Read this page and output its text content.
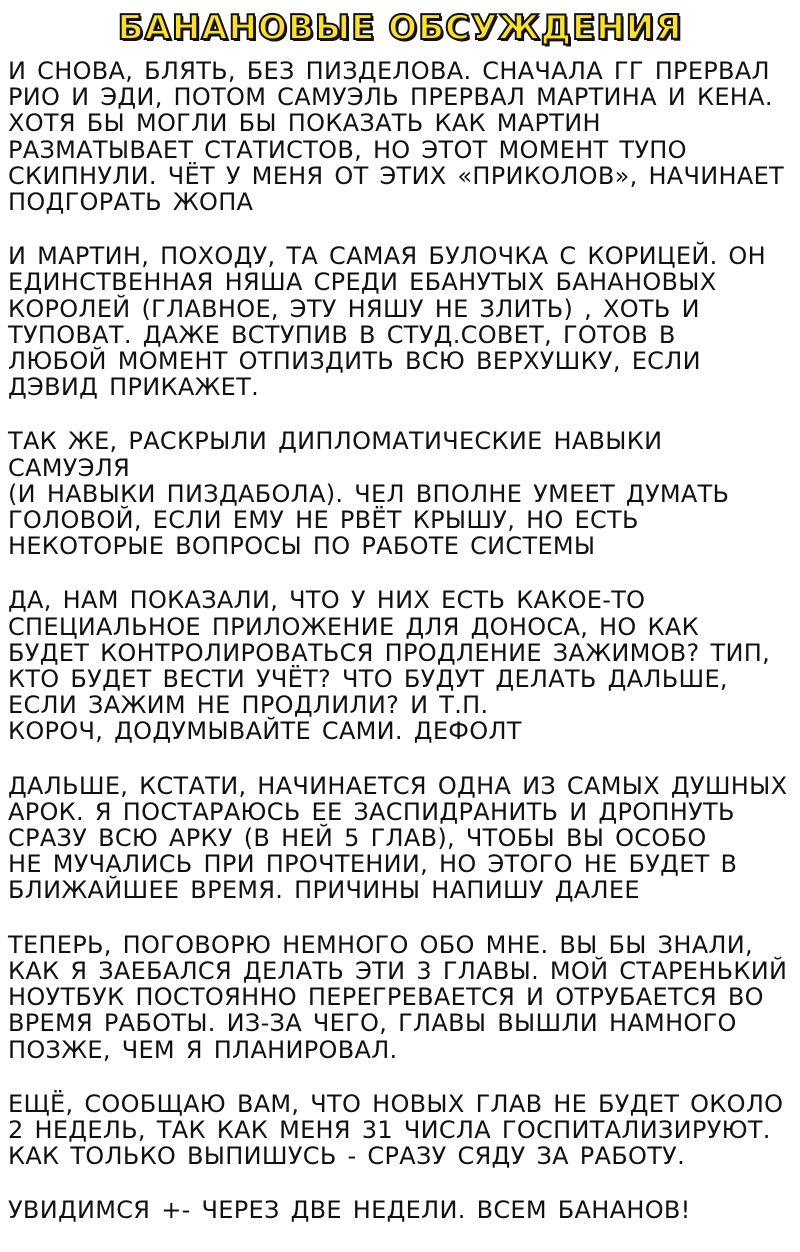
БАНАНОВЫЕ ОБСУЖДЕНИЯ

И СНОВА, БЛЯТЬ, БЕЗ ПИЗДЕЛОВА. СНАЧАЛА ГГ ПРЕРВАЛ
РИО И ЭДИ, ПОТОМ САМУЭЛЬ ПРЕРВАЛ МАРТИНА И КЕНА.
ХОТЯ БЫ МОГЛИ БЫ ПОКАЗАТЬ КАК МАРТИН
РАЗМАТЫВАЕТ СТАТИСТОВ, НО ЭТОТ МОМЕНТ ТУПО
СКИПНУЛИ. ЧЁТ У МЕНЯ ОТ ЭТИХ «ПРИКОЛОВ», НАЧИНАЕТ
ПОДГОРАТЬ ЖОПА

И МАРТИН, ПОХОДУ, ТА САМАЯ БУЛОЧКА С КОРИЦЕЙ. ОН
ЕДИНСТВЕННАЯ НЯША СРЕДИ ЕБАНУТЫХ БАНАНОВЫХ
КОРОЛЕЙ (ГЛАВНОЕ, ЭТУ НЯШУ НЕ ЗЛИТЬ) , ХОТЬ И
ТУПОВАТ. ДАЖЕ ВСТУПИВ В СТУД.СОВЕТ, ГОТОВ В
ЛЮБОЙ МОМЕНТ ОТПИЗДИТЬ ВСЮ ВЕРХУШКУ, ЕСЛИ
ДЭВИД ПРИКАЖЕТ.

ТАК ЖЕ, РАСКРЫЛИ ДИПЛОМАТИЧЕСКИЕ НАВЫКИ САМУЭЛЯ
(И НАВЫКИ ПИЗДАБОЛА). ЧЕЛ ВПОЛНЕ УМЕЕТ ДУМАТЬ
ГОЛОВОЙ, ЕСЛИ ЕМУ НЕ РВЁТ КРЫШУ, НО ЕСТЬ
НЕКОТОРЫЕ ВОПРОСЫ ПО РАБОТЕ СИСТЕМЫ

ДА, НАМ ПОКАЗАЛИ, ЧТО У НИХ ЕСТЬ КАКОЕ-ТО
СПЕЦИАЛЬНОЕ ПРИЛОЖЕНИЕ ДЛЯ ДОНОСА, НО КАК
БУДЕТ КОНТРОЛИРОВАТЬСЯ ПРОДЛЕНИЕ ЗАЖИМОВ? ТИП,
КТО БУДЕТ ВЕСТИ УЧЁТ? ЧТО БУДУТ ДЕЛАТЬ ДАЛЬШЕ,
ЕСЛИ ЗАЖИМ НЕ ПРОДЛИЛИ? И Т.П.
КОРОЧ, ДОДУМЫВАЙТЕ САМИ. ДЕФОЛТ

ДАЛЬШЕ, КСТАТИ, НАЧИНАЕТСЯ ОДНА ИЗ САМЫХ ДУШНЫХ
АРОК. Я ПОСТАРАЮСЬ ЕЕ ЗАСПИДРАНИТЬ И ДРОПНУТЬ
СРАЗУ ВСЮ АРКУ (В НЕЙ 5 ГЛАВ), ЧТОБЫ ВЫ ОСОБО
НЕ МУЧАЛИСЬ ПРИ ПРОЧТЕНИИ, НО ЭТОГО НЕ БУДЕТ В
БЛИЖАЙШЕЕ ВРЕМЯ. ПРИЧИНЫ НАПИШУ ДАЛЕЕ

ТЕПЕРЬ, ПОГОВОРЮ НЕМНОГО ОБО МНЕ. ВЫ БЫ ЗНАЛИ,
КАК Я ЗАЕБАЛСЯ ДЕЛАТЬ ЭТИ 3 ГЛАВЫ. МОЙ СТАРЕНЬКИЙ
НОУТБУК ПОСТОЯННО ПЕРЕГРЕВАЕТСЯ И ОТРУБАЕТСЯ ВО
ВРЕМЯ РАБОТЫ. ИЗ-ЗА ЧЕГО, ГЛАВЫ ВЫШЛИ НАМНОГО
ПОЗЖЕ, ЧЕМ Я ПЛАНИРОВАЛ.

ЕЩЁ, СООБЩАЮ ВАМ, ЧТО НОВЫХ ГЛАВ НЕ БУДЕТ ОКОЛО
2 НЕДЕЛЬ, ТАК КАК МЕНЯ 31 ЧИСЛА ГОСПИТАЛИЗИРУЮТ.
КАК ТОЛЬКО ВЫПИШУСЬ - СРАЗУ СЯДУ ЗА РАБОТУ.

УВИДИМСЯ +- ЧЕРЕЗ ДВЕ НЕДЕЛИ. ВСЕМ БАНАНОВ!
